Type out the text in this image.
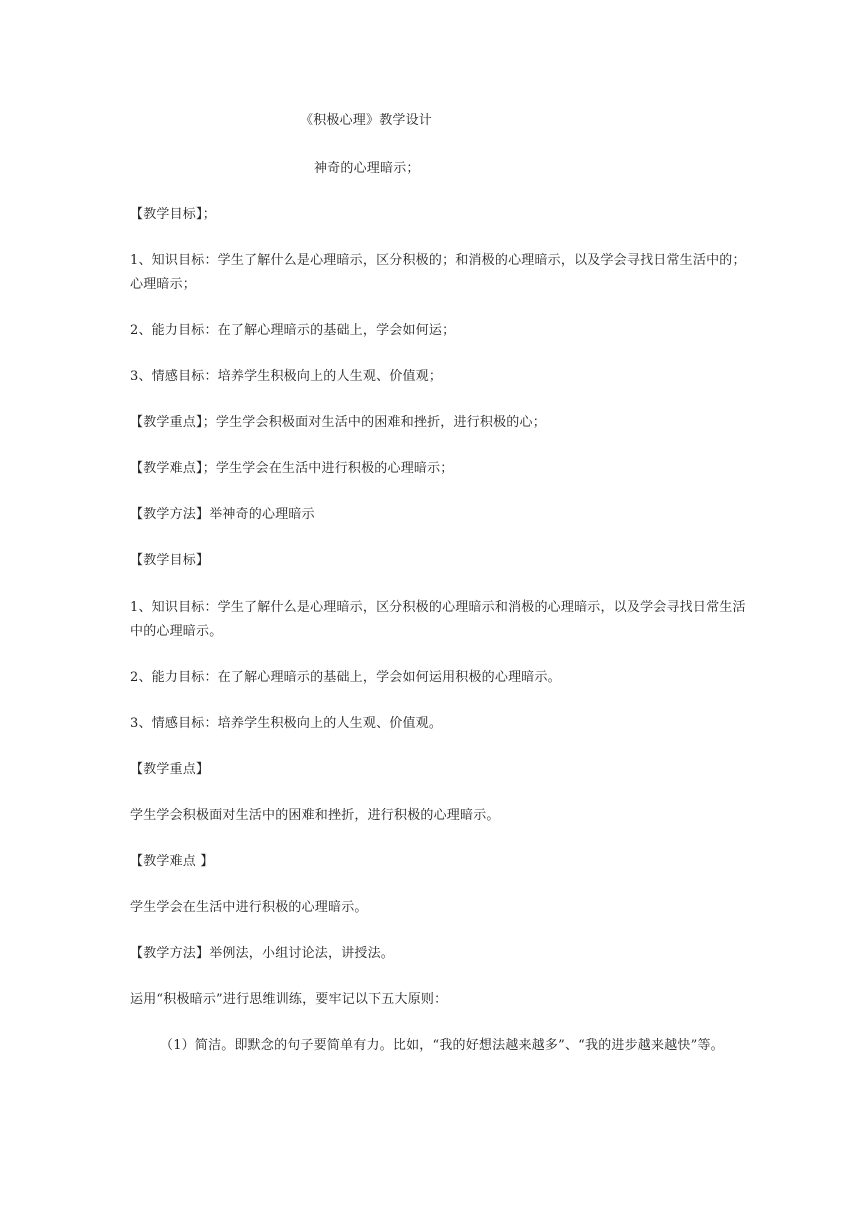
《积极心理》教学设计
神奇的心理暗示；
【教学目标】；
1、知识目标：学生了解什么是心理暗示，区分积极的；和消极的心理暗示，以及学会寻找日常生活中的；
心理暗示；
2、能力目标：在了解心理暗示的基础上，学会如何运；
3、情感目标：培养学生积极向上的人生观、价值观；
【教学重点】；学生学会积极面对生活中的困难和挫折，进行积极的心；
【教学难点】；学生学会在生活中进行积极的心理暗示；
【教学方法】举神奇的心理暗示
【教学目标】
1、知识目标：学生了解什么是心理暗示，区分积极的心理暗示和消极的心理暗示，以及学会寻找日常生活
中的心理暗示。
2、能力目标：在了解心理暗示的基础上，学会如何运用积极的心理暗示。
3、情感目标：培养学生积极向上的人生观、价值观。
【教学重点】
学生学会积极面对生活中的困难和挫折，进行积极的心理暗示。
【教学难点 】
学生学会在生活中进行积极的心理暗示。
【教学方法】举例法，小组讨论法，讲授法。
运用“积极暗示”进行思维训练，要牢记以下五大原则：
（1）简洁。即默念的句子要简单有力。比如，“我的好想法越来越多”、“我的进步越来越快”等。
